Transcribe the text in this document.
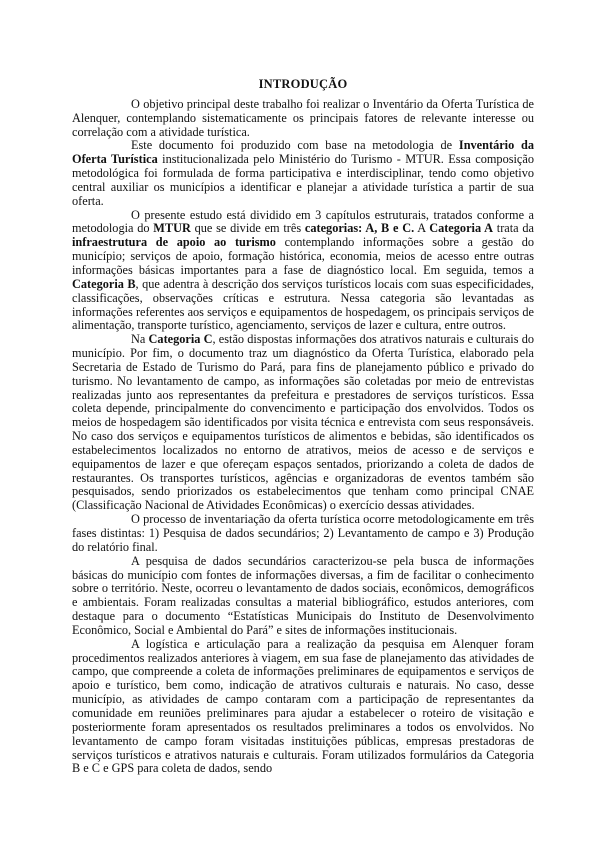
INTRODUÇÃO

O objetivo principal deste trabalho foi realizar o Inventário da Oferta Turística de Alenquer, contemplando sistematicamente os principais fatores de relevante interesse ou correlação com a atividade turística.

Este documento foi produzido com base na metodologia de Inventário da Oferta Turística institucionalizada pelo Ministério do Turismo - MTUR. Essa composição metodológica foi formulada de forma participativa e interdisciplinar, tendo como objetivo central auxiliar os municípios a identificar e planejar a atividade turística a partir de sua oferta.

O presente estudo está dividido em 3 capítulos estruturais, tratados conforme a metodologia do MTUR que se divide em três categorias: A, B e C. A Categoria A trata da infraestrutura de apoio ao turismo contemplando informações sobre a gestão do município; serviços de apoio, formação histórica, economia, meios de acesso entre outras informações básicas importantes para a fase de diagnóstico local. Em seguida, temos a Categoria B, que adentra à descrição dos serviços turísticos locais com suas especificidades, classificações, observações críticas e estrutura. Nessa categoria são levantadas as informações referentes aos serviços e equipamentos de hospedagem, os principais serviços de alimentação, transporte turístico, agenciamento, serviços de lazer e cultura, entre outros.

Na Categoria C, estão dispostas informações dos atrativos naturais e culturais do município. Por fim, o documento traz um diagnóstico da Oferta Turística, elaborado pela Secretaria de Estado de Turismo do Pará, para fins de planejamento público e privado do turismo. No levantamento de campo, as informações são coletadas por meio de entrevistas realizadas junto aos representantes da prefeitura e prestadores de serviços turísticos. Essa coleta depende, principalmente do convencimento e participação dos envolvidos. Todos os meios de hospedagem são identificados por visita técnica e entrevista com seus responsáveis. No caso dos serviços e equipamentos turísticos de alimentos e bebidas, são identificados os estabelecimentos localizados no entorno de atrativos, meios de acesso e de serviços e equipamentos de lazer e que ofereçam espaços sentados, priorizando a coleta de dados de restaurantes. Os transportes turísticos, agências e organizadoras de eventos também são pesquisados, sendo priorizados os estabelecimentos que tenham como principal CNAE (Classificação Nacional de Atividades Econômicas) o exercício dessas atividades.

O processo de inventariação da oferta turística ocorre metodologicamente em três fases distintas: 1) Pesquisa de dados secundários; 2) Levantamento de campo e 3) Produção do relatório final.

A pesquisa de dados secundários caracterizou-se pela busca de informações básicas do município com fontes de informações diversas, a fim de facilitar o conhecimento sobre o território. Neste, ocorreu o levantamento de dados sociais, econômicos, demográficos e ambientais. Foram realizadas consultas a material bibliográfico, estudos anteriores, com destaque para o documento “Estatísticas Municipais do Instituto de Desenvolvimento Econômico, Social e Ambiental do Pará” e sites de informações institucionais.

A logística e articulação para a realização da pesquisa em Alenquer foram procedimentos realizados anteriores à viagem, em sua fase de planejamento das atividades de campo, que compreende a coleta de informações preliminares de equipamentos e serviços de apoio e turístico, bem como, indicação de atrativos culturais e naturais. No caso, desse município, as atividades de campo contaram com a participação de representantes da comunidade em reuniões preliminares para ajudar a estabelecer o roteiro de visitação e posteriormente foram apresentados os resultados preliminares a todos os envolvidos. No levantamento de campo foram visitadas instituições públicas, empresas prestadoras de serviços turísticos e atrativos naturais e culturais. Foram utilizados formulários da Categoria B e C e GPS para coleta de dados, sendo
